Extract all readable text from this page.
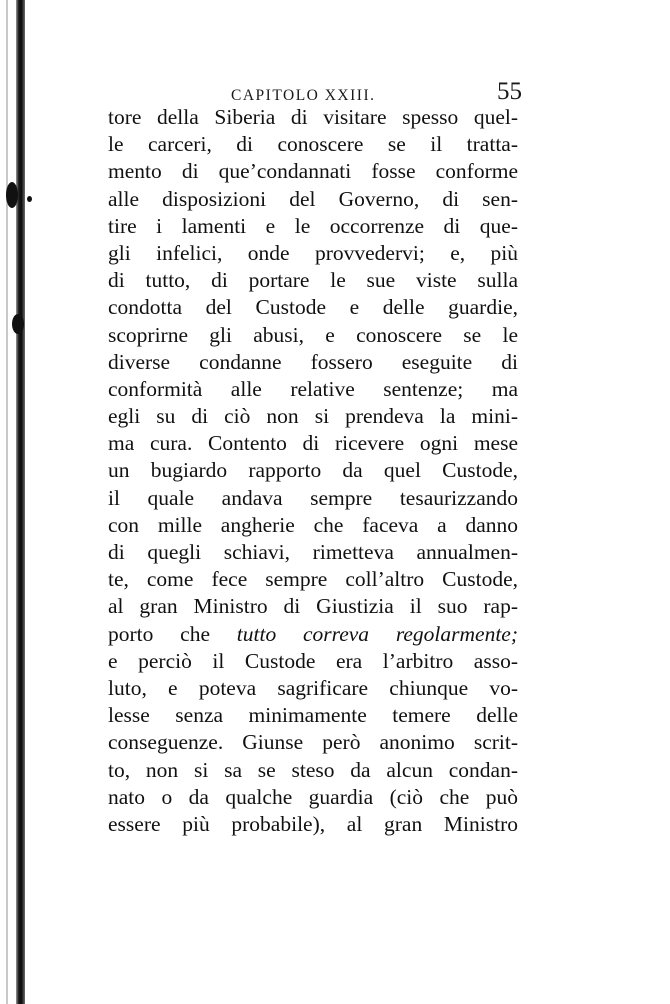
CAPITOLO XXIII.	55
tore della Siberia di visitare spesso quel-
le carceri, di conoscere se il tratta-
mento di que’condannati fosse conforme
alle disposizioni del Governo, di sen-
tire i lamenti e le occorrenze di que-
gli infelici, onde provvedervi; e, più
di tutto, di portare le sue viste sulla
condotta del Custode e delle guardie,
scoprirne gli abusi, e conoscere se le
diverse condanne fossero eseguite di
conformità alle relative sentenze; ma
egli su di ciò non si prendeva la mini-
ma cura. Contento di ricevere ogni mese
un bugiardo rapporto da quel Custode,
il quale andava sempre tesaurizzando
con mille angherie che faceva a danno
di quegli schiavi, rimetteva annualmen-
te, come fece sempre coll’altro Custode,
al gran Ministro di Giustizia il suo rap-
porto che tutto correva regolarmente;
e perciò il Custode era l’arbitro asso-
luto, e poteva sagrificare chiunque vo-
lesse senza minimamente temere delle
conseguenze. Giunse però anonimo scrit-
to, non si sa se steso da alcun condan-
nato o da qualche guardia (ciò che può
essere più probabile), al gran Ministro
